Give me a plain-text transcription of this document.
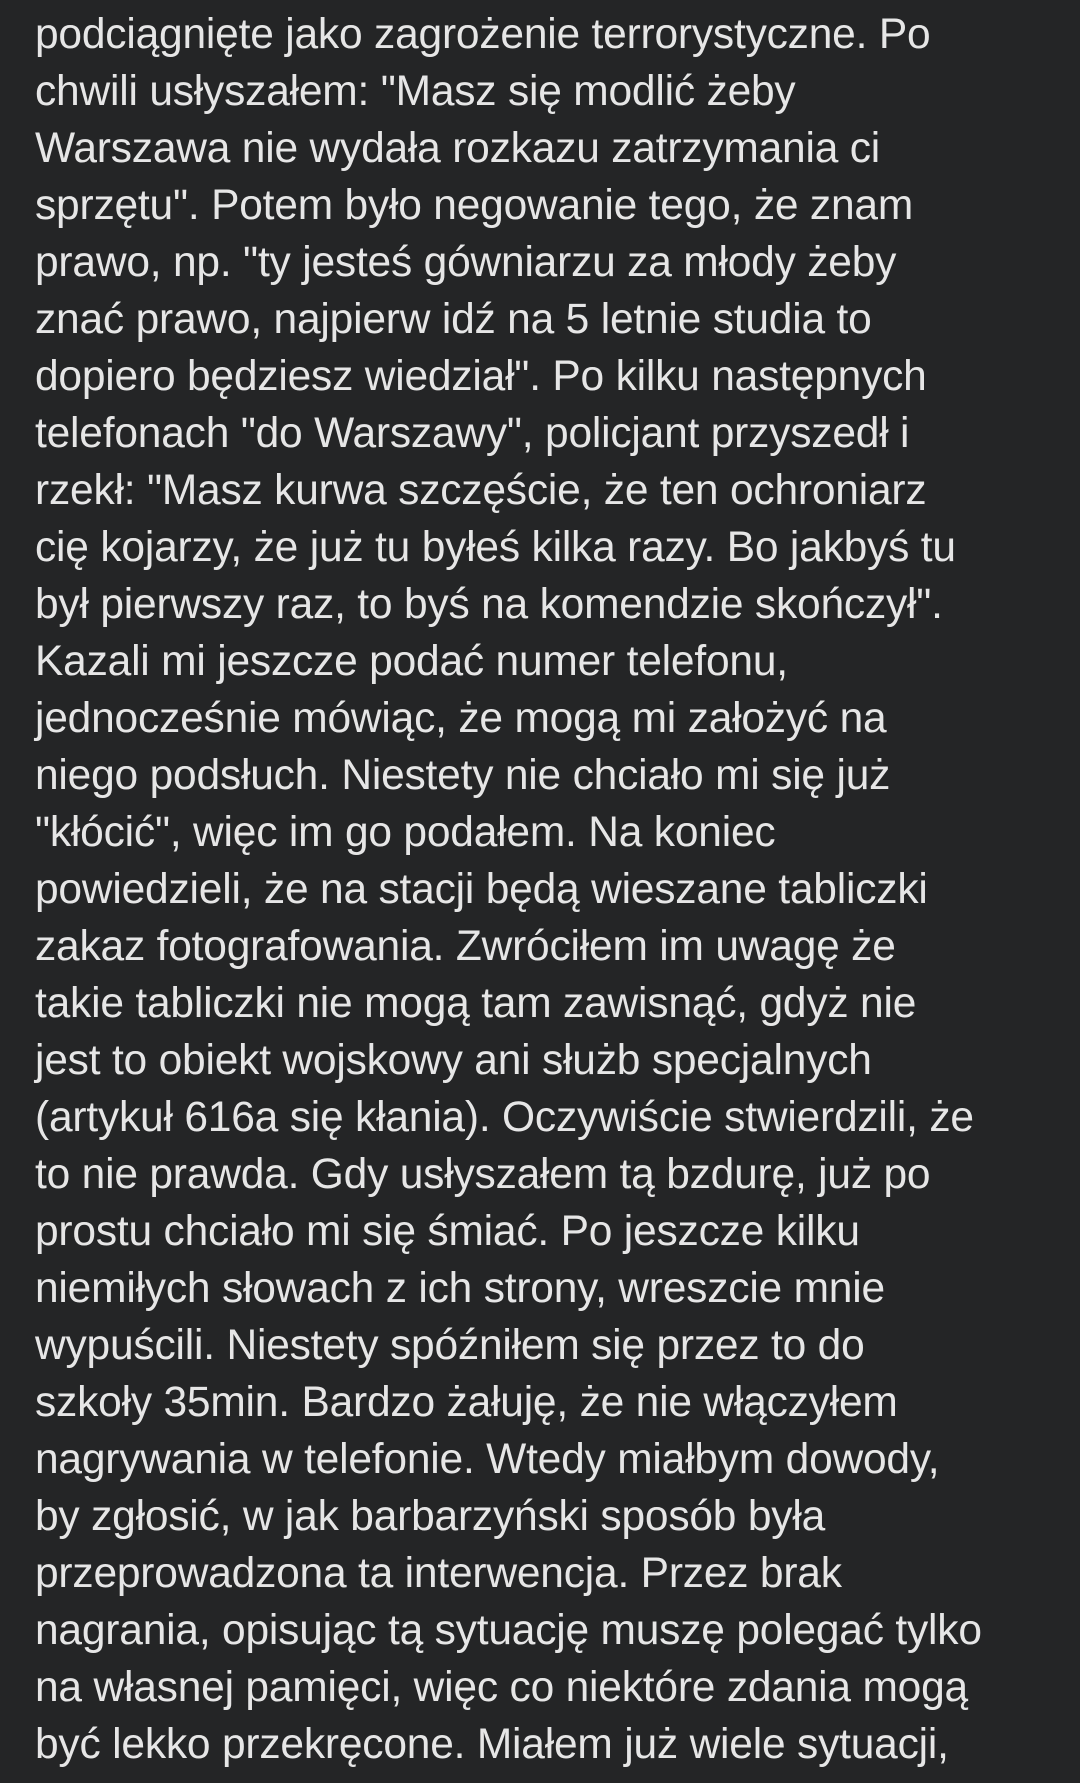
podciągnięte jako zagrożenie terrorystyczne. Po
chwili usłyszałem: "Masz się modlić żeby
Warszawa nie wydała rozkazu zatrzymania ci
sprzętu". Potem było negowanie tego, że znam
prawo, np. "ty jesteś gówniarzu za młody żeby
znać prawo, najpierw idź na 5 letnie studia to
dopiero będziesz wiedział". Po kilku następnych
telefonach "do Warszawy", policjant przyszedł i
rzekł: "Masz kurwa szczęście, że ten ochroniarz
cię kojarzy, że już tu byłeś kilka razy. Bo jakbyś tu
był pierwszy raz, to byś na komendzie skończył".
Kazali mi jeszcze podać numer telefonu,
jednocześnie mówiąc, że mogą mi założyć na
niego podsłuch. Niestety nie chciało mi się już
"kłócić", więc im go podałem. Na koniec
powiedzieli, że na stacji będą wieszane tabliczki
zakaz fotografowania. Zwróciłem im uwagę że
takie tabliczki nie mogą tam zawisnąć, gdyż nie
jest to obiekt wojskowy ani służb specjalnych
(artykuł 616a się kłania). Oczywiście stwierdzili, że
to nie prawda. Gdy usłyszałem tą bzdurę, już po
prostu chciało mi się śmiać. Po jeszcze kilku
niemiłych słowach z ich strony, wreszcie mnie
wypuścili. Niestety spóźniłem się przez to do
szkoły 35min. Bardzo żałuję, że nie włączyłem
nagrywania w telefonie. Wtedy miałbym dowody,
by zgłosić, w jak barbarzyński sposób była
przeprowadzona ta interwencja. Przez brak
nagrania, opisując tą sytuację muszę polegać tylko
na własnej pamięci, więc co niektóre zdania mogą
być lekko przekręcone. Miałem już wiele sytuacji,
